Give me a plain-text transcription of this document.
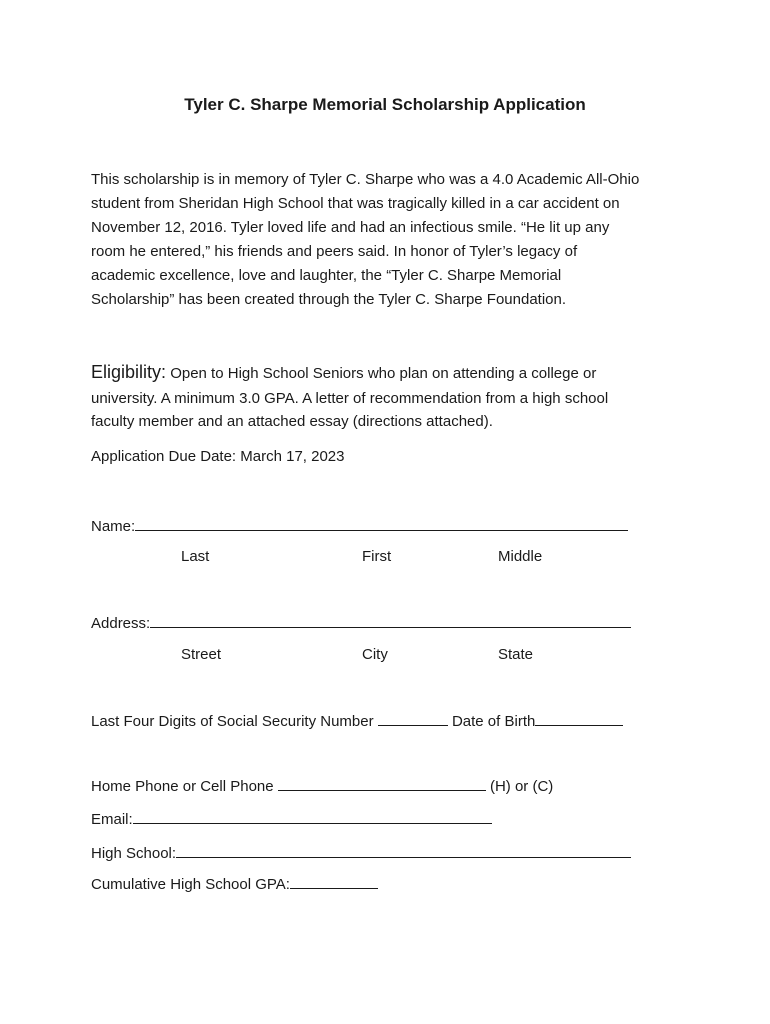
Tyler C. Sharpe Memorial Scholarship Application
This scholarship is in memory of Tyler C. Sharpe who was a 4.0 Academic All-Ohio
student from Sheridan High School that was tragically killed in a car accident on
November 12, 2016. Tyler loved life and had an infectious smile. “He lit up any
room he entered,” his friends and peers said. In honor of Tyler’s legacy of
academic excellence, love and laughter, the “Tyler C. Sharpe Memorial
Scholarship” has been created through the Tyler C. Sharpe Foundation.
Eligibility: Open to High School Seniors who plan on attending a college or
university. A minimum 3.0 GPA. A letter of recommendation from a high school
faculty member and an attached essay (directions attached).
Application Due Date: March 17, 2023
Name:
Last	First	Middle
Address:
Street	City	State
Last Four Digits of Social Security Number	Date of Birth
Home Phone or Cell Phone	(H) or (C)
Email:
High School:
Cumulative High School GPA:
